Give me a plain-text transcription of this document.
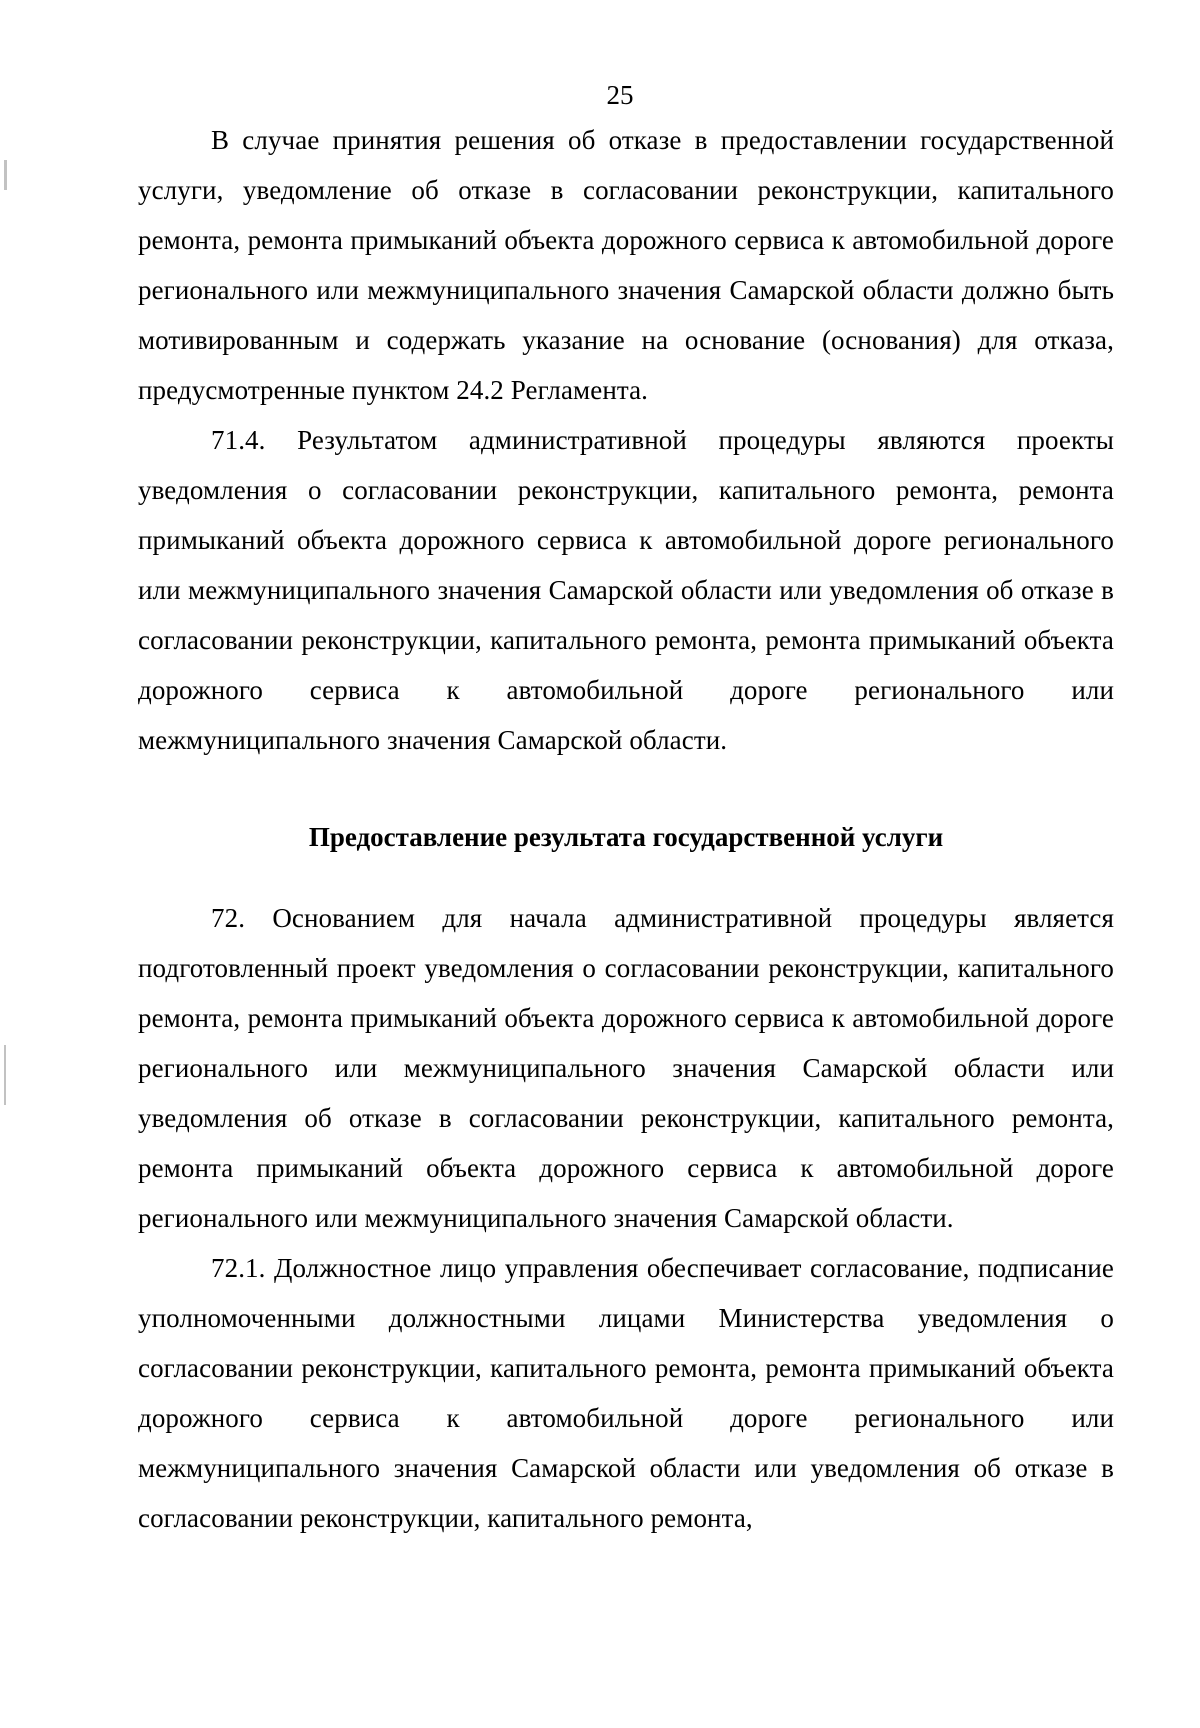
25

В случае принятия решения об отказе в предоставлении государственной услуги, уведомление об отказе в согласовании реконструкции, капитального ремонта, ремонта примыканий объекта дорожного сервиса к автомобильной дороге регионального или межмуниципального значения Самарской области должно быть мотивированным и содержать указание на основание (основания) для отказа, предусмотренные пунктом 24.2 Регламента.

71.4. Результатом административной процедуры являются проекты уведомления о согласовании реконструкции, капитального ремонта, ремонта примыканий объекта дорожного сервиса к автомобильной дороге регионального или межмуниципального значения Самарской области или уведомления об отказе в согласовании реконструкции, капитального ремонта, ремонта примыканий объекта дорожного сервиса к автомобильной дороге регионального или межмуниципального значения Самарской области.

Предоставление результата государственной услуги

72. Основанием для начала административной процедуры является подготовленный проект уведомления о согласовании реконструкции, капитального ремонта, ремонта примыканий объекта дорожного сервиса к автомобильной дороге регионального или межмуниципального значения Самарской области или уведомления об отказе в согласовании реконструкции, капитального ремонта, ремонта примыканий объекта дорожного сервиса к автомобильной дороге регионального или межмуниципального значения Самарской области.

72.1. Должностное лицо управления обеспечивает согласование, подписание уполномоченными должностными лицами Министерства уведомления о согласовании реконструкции, капитального ремонта, ремонта примыканий объекта дорожного сервиса к автомобильной дороге регионального или межмуниципального значения Самарской области или уведомления об отказе в согласовании реконструкции, капитального ремонта,
